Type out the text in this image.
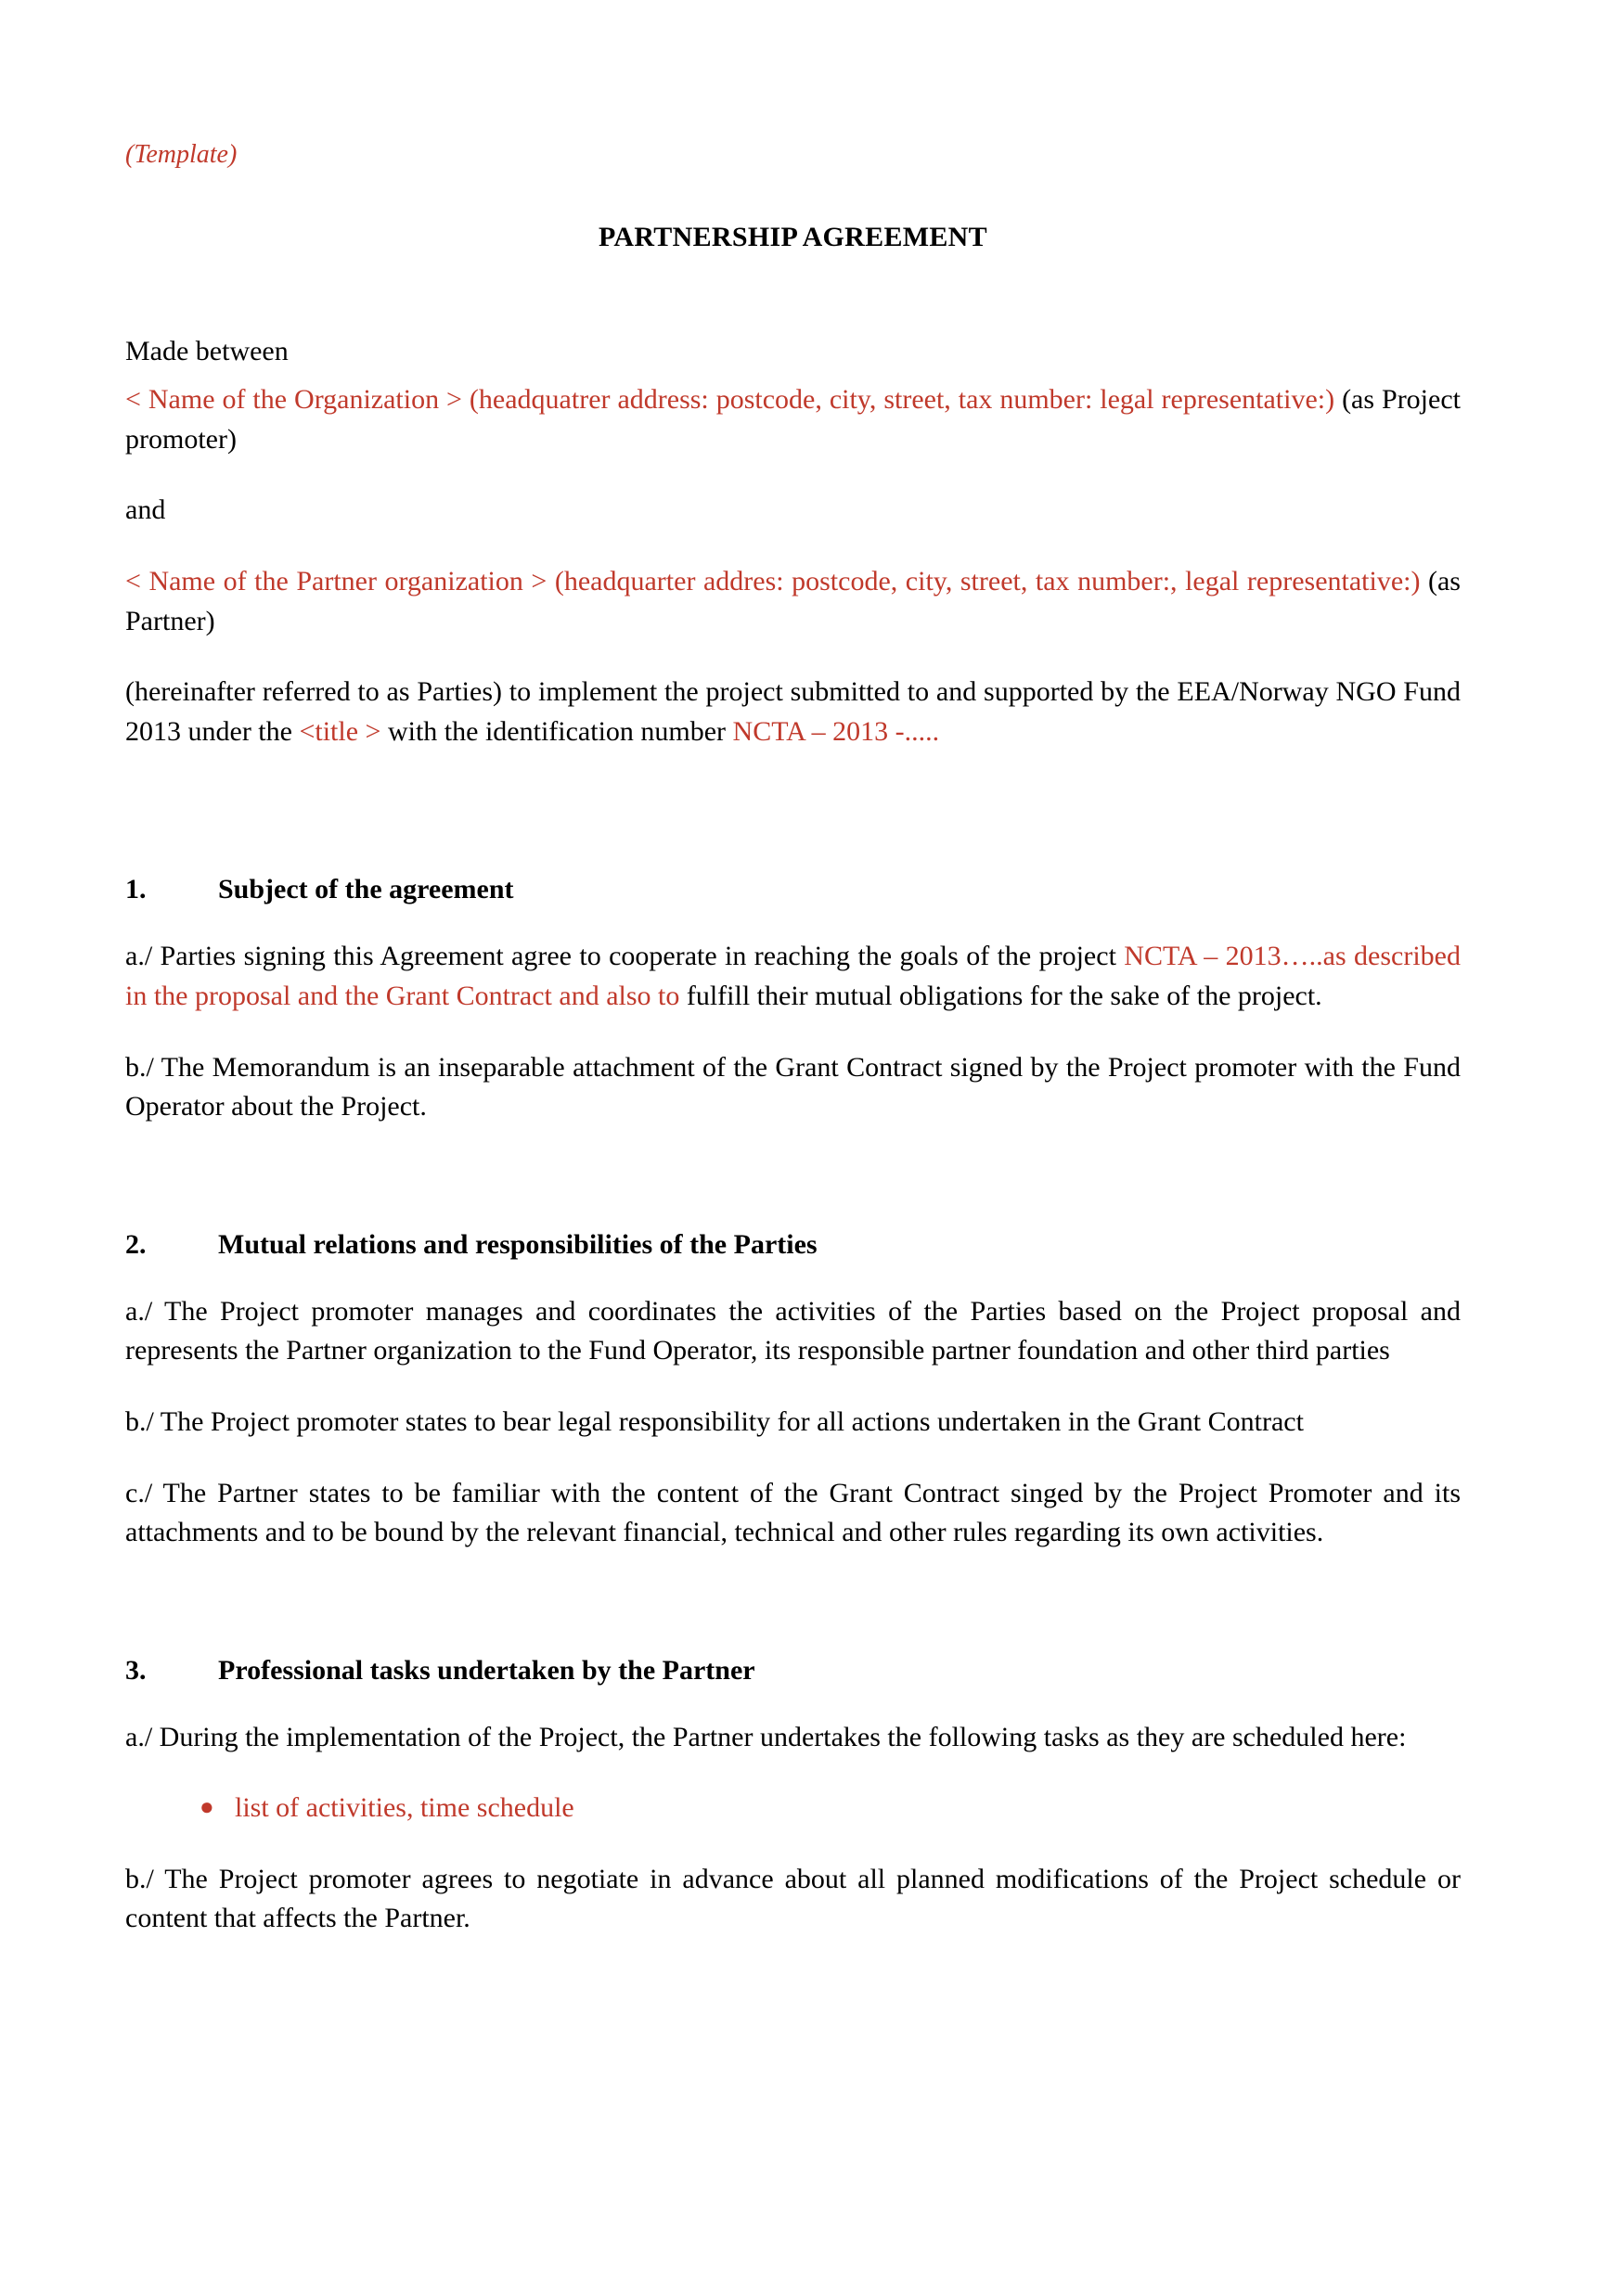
(Template)
PARTNERSHIP AGREEMENT

Made between

< Name of the Organization > (headquatrer address: postcode, city, street, tax number: legal representative:) (as Project promoter)

and

< Name of the Partner organization > (headquarter addres: postcode, city, street, tax number:, legal representative:) (as Partner)

(hereinafter referred to as Parties) to implement the project submitted to and supported by the EEA/Norway NGO Fund 2013 under the <title > with the identification number NCTA – 2013 -.....

1.	Subject of the agreement

a./ Parties signing this Agreement agree to cooperate in reaching the goals of the project NCTA – 2013…..as described in the proposal and the Grant Contract and also to fulfill their mutual obligations for the sake of the project.

b./ The Memorandum is an inseparable attachment of the Grant Contract signed by the Project promoter with the Fund Operator about the Project.

2.	Mutual relations and responsibilities of the Parties

a./ The Project promoter manages and coordinates the activities of the Parties based on the Project proposal and represents the Partner organization to the Fund Operator, its responsible partner foundation and other third parties

b./ The Project promoter states to bear legal responsibility for all actions undertaken in the Grant Contract

c./ The Partner states to be familiar with the content of the Grant Contract singed by the Project Promoter and its attachments and to be bound by the relevant financial, technical and other rules regarding its own activities.

3.	Professional tasks undertaken by the Partner

a./ During the implementation of the Project, the Partner undertakes the following tasks as they are scheduled here:

● list of activities, time schedule

b./ The Project promoter agrees to negotiate in advance about all planned modifications of the Project schedule or content that affects the Partner.
